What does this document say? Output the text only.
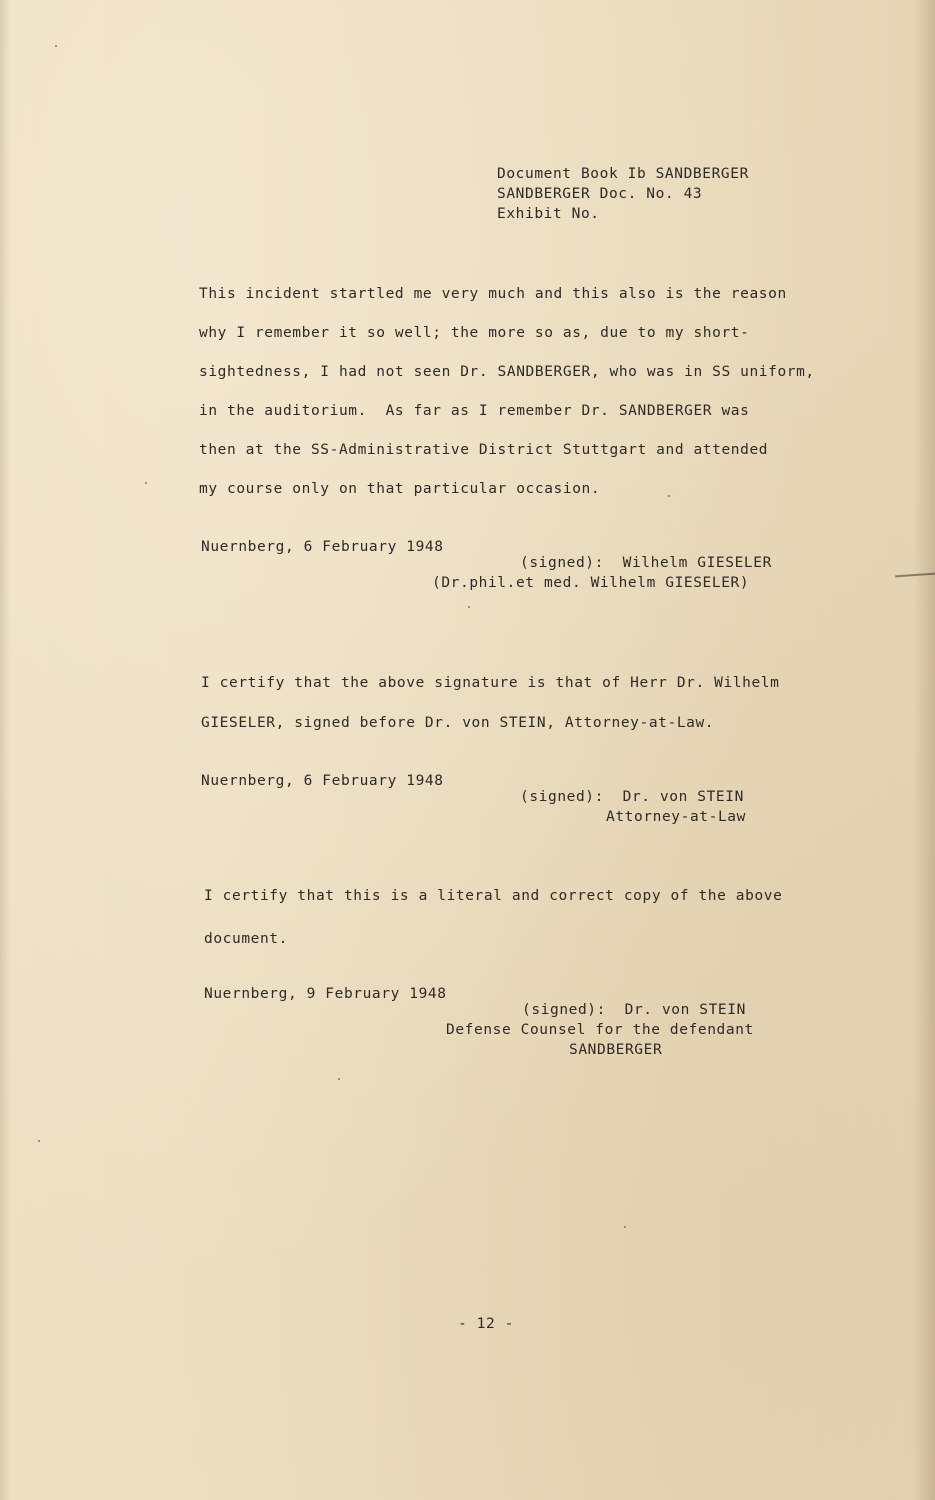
Document Book Ib SANDBERGER
SANDBERGER Doc. No. 43
Exhibit No.
This incident startled me very much and this also is the reason
why I remember it so well; the more so as, due to my short-
sightedness, I had not seen Dr. SANDBERGER, who was in SS uniform,
in the auditorium.  As far as I remember Dr. SANDBERGER was
then at the SS-Administrative District Stuttgart and attended
my course only on that particular occasion.
Nuernberg, 6 February 1948
(signed):  Wilhelm GIESELER
(Dr.phil.et med. Wilhelm GIESELER)
I certify that the above signature is that of Herr Dr. Wilhelm
GIESELER, signed before Dr. von STEIN, Attorney-at-Law.
Nuernberg, 6 February 1948
(signed):  Dr. von STEIN
Attorney-at-Law
I certify that this is a literal and correct copy of the above
document.
Nuernberg, 9 February 1948
(signed):  Dr. von STEIN
Defense Counsel for the defendant
SANDBERGER
- 12 -
